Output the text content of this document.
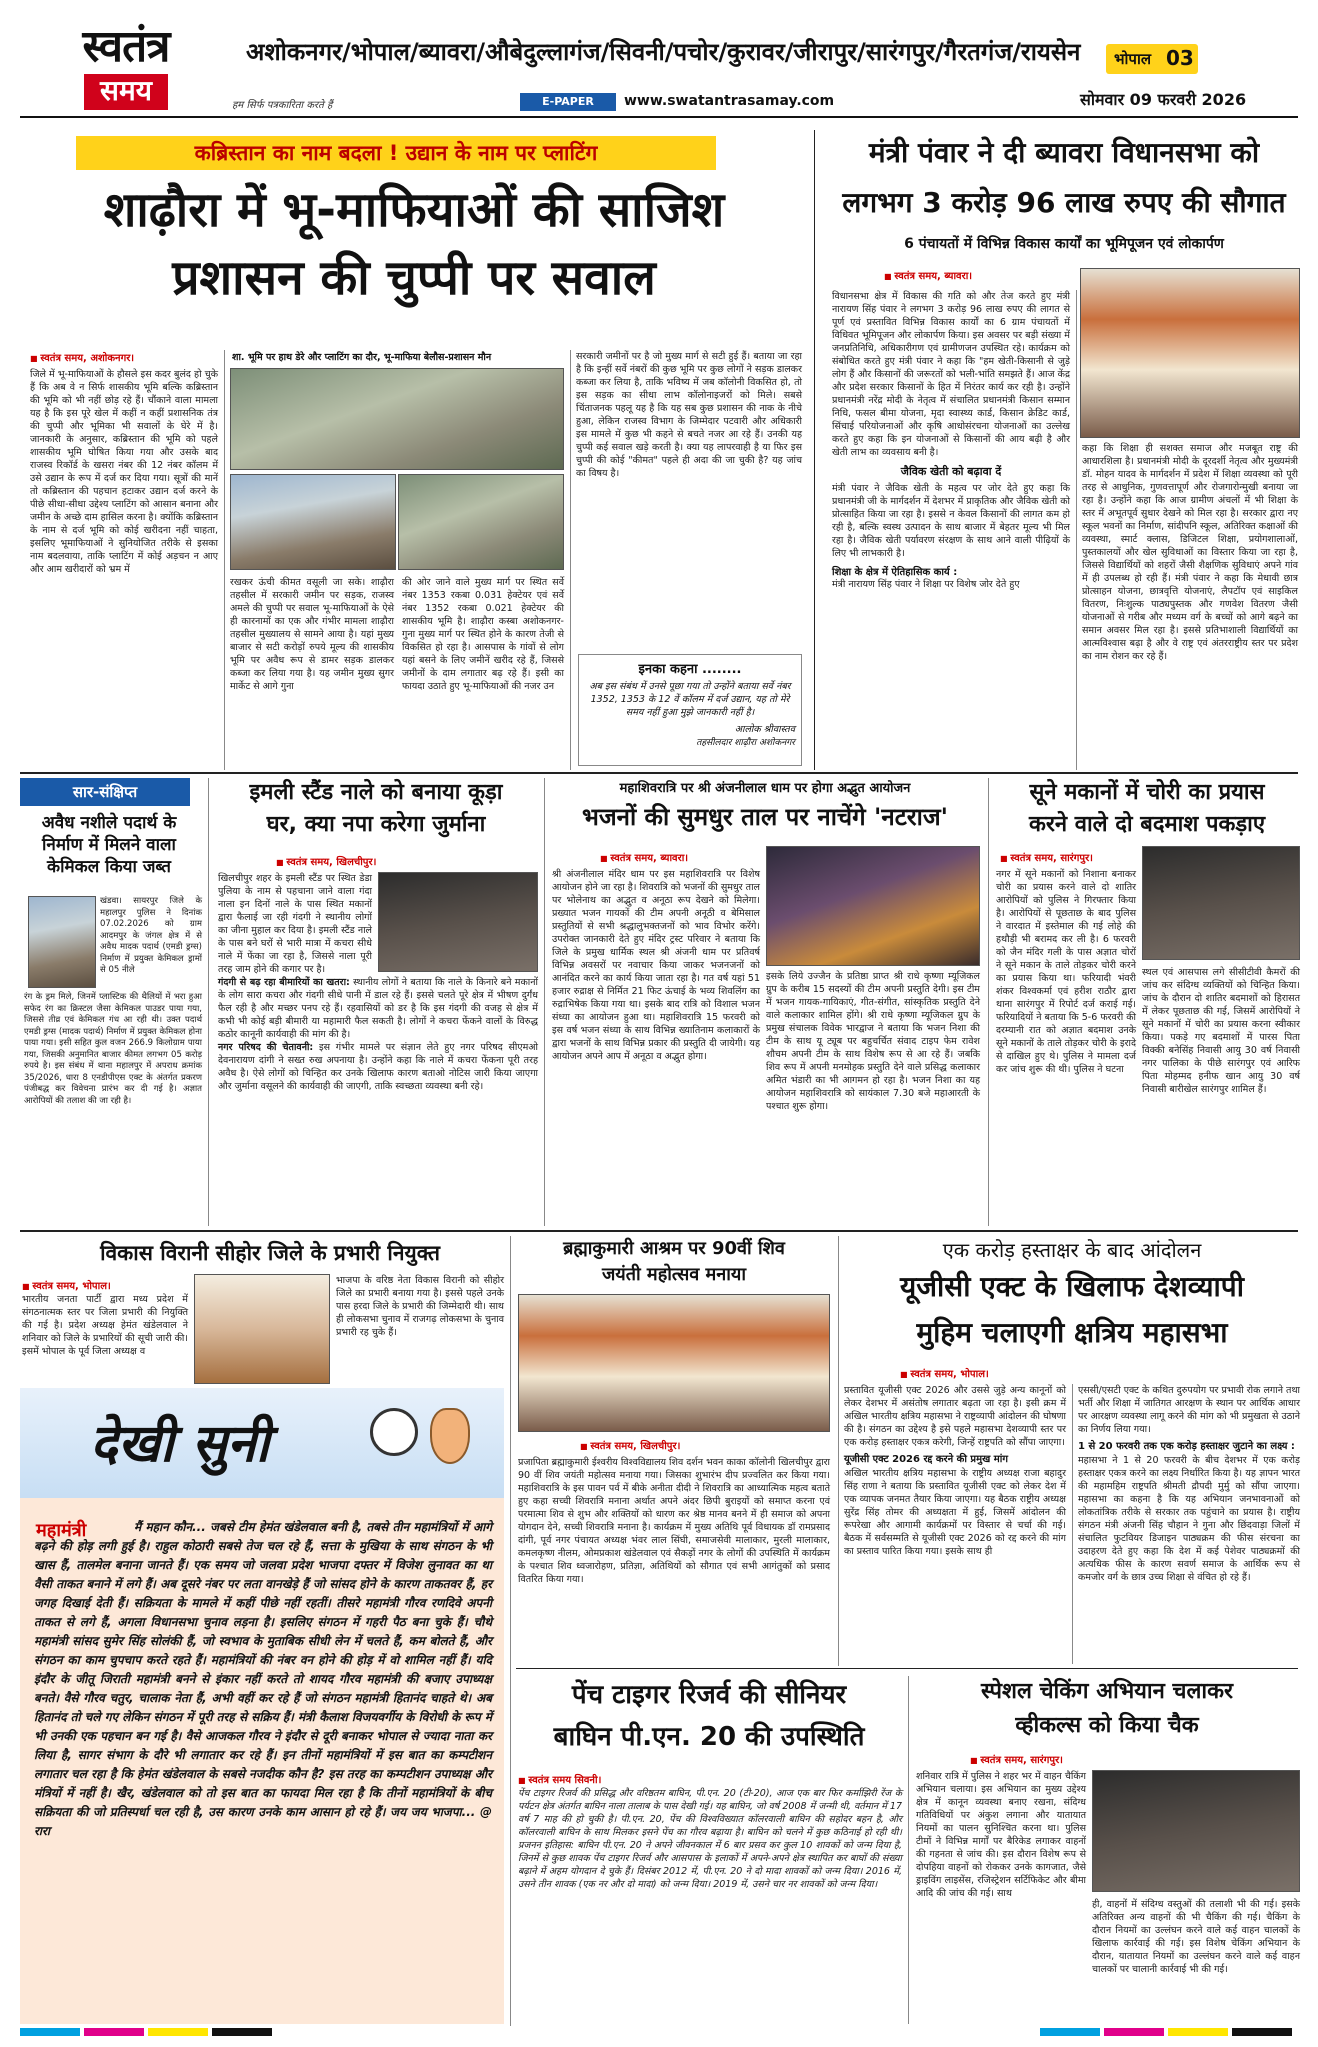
स्वतंत्र
समय
अशोकनगर/भोपाल/ब्यावरा/औबेदुल्लागंज/सिवनी/पचोर/कुरावर/जीरापुर/सारंगपुर/गैरतगंज/रायसेन	भोपाल 03
हम सिर्फ पत्रकारिता करते हैं	E-PAPER	www.swatantrasamay.com	सोमवार 09 फरवरी 2026
कब्रिस्तान का नाम बदला ! उद्यान के नाम पर प्लाटिंग
शाढ़ौरा में भू-माफियाओं की साजिश
प्रशासन की चुप्पी पर सवाल
■ स्वतंत्र समय, अशोकनगर।
जिले में भू-माफियाओं के हौसले इस कदर बुलंद हो चुके हैं कि अब वे न सिर्फ शासकीय भूमि बल्कि कब्रिस्तान की भूमि को भी नहीं छोड़ रहे हैं। चौंकाने वाला मामला यह है कि इस पूरे खेल में कहीं न कहीं प्रशासनिक तंत्र की चुप्पी और भूमिका भी सवालों के घेरे में है। जानकारी के अनुसार, कब्रिस्तान की भूमि को पहले शासकीय भूमि घोषित किया गया और उसके बाद राजस्व रिकॉर्ड के खसरा नंबर की 12 नंबर कॉलम में उसे उद्यान के रूप में दर्ज कर दिया गया। सूत्रों की मानें तो कब्रिस्तान की पहचान हटाकर उद्यान दर्ज करने के पीछे सीधा-सीधा उद्देश्य प्लाटिंग को आसान बनाना और जमीन के अच्छे दाम हासिल करना है। क्योंकि कब्रिस्तान के नाम से दर्ज भूमि को कोई खरीदना नहीं चाहता, इसलिए भूमाफियाओं ने सुनियोजित तरीके से इसका नाम बदलवाया, ताकि प्लाटिंग में कोई अड़चन न आए और आम खरीदारों को भ्रम में
शा. भूमि पर हाथ डेरे और प्लाटिंग का दौर, भू-माफिया बेलौस-प्रशासन मौन
रखकर ऊंची कीमत वसूली जा सके। शाढ़ौरा तहसील में सरकारी जमीन पर सड़क, राजस्व अमले की चुप्पी पर सवाल भू-माफियाओं के ऐसे ही कारनामों का एक और गंभीर मामला शाढ़ौरा तहसील मुख्यालय से सामने आया है। यहां मुख्य बाजार से सटी करोड़ों रुपये मूल्य की शासकीय भूमि पर अवैध रूप से डामर सड़क डालकर कब्जा कर लिया गया है। यह जमीन मुख्य सुगर मार्केट से आगे गुना
की ओर जाने वाले मुख्य मार्ग पर स्थित सर्वे नंबर 1353 रकबा 0.031 हेक्टेयर एवं सर्वे नंबर 1352 रकबा 0.021 हेक्टेयर की शासकीय भूमि है। शाढ़ौरा कस्बा अशोकनगर-गुना मुख्य मार्ग पर स्थित होने के कारण तेजी से विकसित हो रहा है। आसपास के गांवों से लोग यहां बसने के लिए जमीनें खरीद रहे हैं, जिससे जमीनों के दाम लगातार बढ़ रहे हैं। इसी का फायदा उठाते हुए भू-माफियाओं की नजर उन
सरकारी जमीनों पर है जो मुख्य मार्ग से सटी हुई हैं। बताया जा रहा है कि इन्हीं सर्वे नंबरों की कुछ भूमि पर कुछ लोगों ने सड़क डालकर कब्जा कर लिया है, ताकि भविष्य में जब कॉलोनी विकसित हो, तो इस सड़क का सीधा लाभ कॉलोनाइजरों को मिले। सबसे चिंताजनक पहलू यह है कि यह सब कुछ प्रशासन की नाक के नीचे हुआ, लेकिन राजस्व विभाग के जिम्मेदार पटवारी और अधिकारी इस मामले में कुछ भी कहने से बचते नजर आ रहे हैं। उनकी यह चुप्पी कई सवाल खड़े करती है। क्या यह लापरवाही है या फिर इस चुप्पी की कोई "कीमत" पहले ही अदा की जा चुकी है? यह जांच का विषय है।
इनका कहना ........
अब इस संबंध में उनसे पूछा गया तो उन्होंने बताया सर्वे नंबर 1352, 1353 के 12 वें कॉलम में दर्ज उद्यान, यह तो मेरे समय नहीं हुआ मुझे जानकारी नहीं है।
आलोक श्रीवास्तव
तहसीलदार शाढ़ौरा अशोकनगर
मंत्री पंवार ने दी ब्यावरा विधानसभा को
लगभग 3 करोड़ 96 लाख रुपए की सौगात
6 पंचायतों में विभिन्न विकास कार्यों का भूमिपूजन एवं लोकार्पण
■ स्वतंत्र समय, ब्यावरा।
विधानसभा क्षेत्र में विकास की गति को और तेज करते हुए मंत्री नारायण सिंह पंवार ने लगभग 3 करोड़ 96 लाख रुपए की लागत से पूर्ण एवं प्रस्तावित विभिन्न विकास कार्यों का 6 ग्राम पंचायतों में विधिवत भूमिपूजन और लोकार्पण किया। इस अवसर पर बड़ी संख्या में जनप्रतिनिधि, अधिकारीगण एवं ग्रामीणजन उपस्थित रहे। कार्यक्रम को संबोधित करते हुए मंत्री पंवार ने कहा कि "हम खेती-किसानी से जुड़े लोग हैं और किसानों की जरूरतों को भली-भांति समझते हैं। आज केंद्र और प्रदेश सरकार किसानों के हित में निरंतर कार्य कर रही है। उन्होंने प्रधानमंत्री नरेंद्र मोदी के नेतृत्व में संचालित प्रधानमंत्री किसान सम्मान निधि, फसल बीमा योजना, मृदा स्वास्थ्य कार्ड, किसान क्रेडिट कार्ड, सिंचाई परियोजनाओं और कृषि आधोसंरचना योजनाओं का उल्लेख करते हुए कहा कि इन योजनाओं से किसानों की आय बढ़ी है और खेती लाभ का व्यवसाय बनी है।
जैविक खेती को बढ़ावा दें
मंत्री पंवार ने जैविक खेती के महत्व पर जोर देते हुए कहा कि प्रधानमंत्री जी के मार्गदर्शन में देशभर में प्राकृतिक और जैविक खेती को प्रोत्साहित किया जा रहा है। इससे न केवल किसानों की लागत कम हो रही है, बल्कि स्वस्थ उत्पादन के साथ बाजार में बेहतर मूल्य भी मिल रहा है। जैविक खेती पर्यावरण संरक्षण के साथ आने वाली पीढ़ियों के लिए भी लाभकारी है।
शिक्षा के क्षेत्र में ऐतिहासिक कार्य :
मंत्री नारायण सिंह पंवार ने शिक्षा पर विशेष जोर देते हुए
कहा कि शिक्षा ही सशक्त समाज और मजबूत राष्ट्र की आधारशिला है। प्रधानमंत्री मोदी के दूरदर्शी नेतृत्व और मुख्यमंत्री डॉ. मोहन यादव के मार्गदर्शन में प्रदेश में शिक्षा व्यवस्था को पूरी तरह से आधुनिक, गुणवत्तापूर्ण और रोजगारोन्मुखी बनाया जा रहा है। उन्होंने कहा कि आज ग्रामीण अंचलों में भी शिक्षा के स्तर में अभूतपूर्व सुधार देखने को मिल रहा है। सरकार द्वारा नए स्कूल भवनों का निर्माण, सांदीपनि स्कूल, अतिरिक्त कक्षाओं की व्यवस्था, स्मार्ट क्लास, डिजिटल शिक्षा, प्रयोगशालाओं, पुस्तकालयों और खेल सुविधाओं का विस्तार किया जा रहा है, जिससे विद्यार्थियों को शहरों जैसी शैक्षणिक सुविधाएं अपने गांव में ही उपलब्ध हो रही हैं। मंत्री पंवार ने कहा कि मेधावी छात्र प्रोत्साहन योजना, छात्रवृत्ति योजनाएं, लैपटॉप एवं साइकिल वितरण, निःशुल्क पाठ्यपुस्तक और गणवेश वितरण जैसी योजनाओं से गरीब और मध्यम वर्ग के बच्चों को आगे बढ़ने का समान अवसर मिल रहा है। इससे प्रतिभाशाली विद्यार्थियों का आत्मविश्वास बढ़ा है और वे राष्ट्र एवं अंतरराष्ट्रीय स्तर पर प्रदेश का नाम रोशन कर रहे हैं।
सार-संक्षिप्त
अवैध नशीले पदार्थ के निर्माण में मिलने वाला केमिकल किया जब्त
खंडवा। सायरपुर जिले के महालपुर पुलिस ने दिनांक 07.02.2026 को ग्राम आदमपुर के जंगल क्षेत्र में से अवैध मादक पदार्थ (एमडी ड्रग्स) निर्माण में प्रयुक्त केमिकल ड्रामों से 05 नीले
रंग के ड्रम मिले, जिनमें प्लास्टिक की थैलियों में भरा हुआ सफेद रंग का क्रिस्टल जैसा केमिकल पाउडर पाया गया, जिससे तीव्र एवं केमिकल गंध आ रही थी। उक्त पदार्थ एमडी ड्रग्स (मादक पदार्थ) निर्माण में प्रयुक्त केमिकल होना पाया गया। इसी सहित कुल वजन 266.9 किलोग्राम पाया गया, जिसकी अनुमानित बाजार कीमत लगभग 05 करोड़ रुपये है। इस संबंध में थाना महालपुर में अपराध क्रमांक 35/2026, धारा 8 एनडीपीएस एक्ट के अंतर्गत प्रकरण पंजीबद्ध कर विवेचना प्रारंभ कर दी गई है। अज्ञात आरोपियों की तलाश की जा रही है।
इमली स्टैंड नाले को बनाया कूड़ा
घर, क्या नपा करेगा जुर्माना
■ स्वतंत्र समय, खिलचीपुर।
खिलचीपुर शहर के इमली स्टैंड पर स्थित डेडा पुलिया के नाम से पहचाना जाने वाला गंदा नाला इन दिनों नाले के पास स्थित मकानों द्वारा फैलाई जा रही गंदगी ने स्थानीय लोगों का जीना मुहाल कर दिया है। इमली स्टैंड नाले के पास बने घरों से भारी मात्रा में कचरा सीधे नाले में फेंका जा रहा है, जिससे नाला पूरी तरह जाम होने की कगार पर है।
गंदगी से बढ़ रहा बीमारियों का खतरा: स्थानीय लोगों ने बताया कि नाले के किनारे बने मकानों के लोग सारा कचरा और गंदगी सीधे पानी में डाल रहे हैं। इससे चलते पूरे क्षेत्र में भीषण दुर्गंध फैल रही है और मच्छर पनप रहे हैं। रहवासियों को डर है कि इस गंदगी की वजह से क्षेत्र में कभी भी कोई बड़ी बीमारी या महामारी फैल सकती है। लोगों ने कचरा फेंकने वालों के विरुद्ध कठोर कानूनी कार्यवाही की मांग की है।
नगर परिषद की चेतावनी: इस गंभीर मामले पर संज्ञान लेते हुए नगर परिषद सीएमओ देवनारायण दांगी ने सख्त रुख अपनाया है। उन्होंने कहा कि नाले में कचरा फेंकना पूरी तरह अवैध है। ऐसे लोगों को चिन्हित कर उनके खिलाफ कारण बताओ नोटिस जारी किया जाएगा और जुर्माना वसूलने की कार्यवाही की जाएगी, ताकि स्वच्छता व्यवस्था बनी रहे।
महाशिवरात्रि पर श्री अंजनीलाल धाम पर होगा अद्भुत आयोजन
भजनों की सुमधुर ताल पर नाचेंगे 'नटराज'
■ स्वतंत्र समय, ब्यावरा।
श्री अंजनीलाल मंदिर धाम पर इस महाशिवरात्रि पर विशेष आयोजन होने जा रहा है। शिवरात्रि को भजनों की सुमधुर ताल पर भोलेनाथ का अद्भुत व अनूठा रूप देखने को मिलेगा। प्रख्यात भजन गायकों की टीम अपनी अनूठी व बेमिसाल प्रस्तुतियों से सभी श्रद्धालुभक्तजनों को भाव विभोर करेंगे। उपरोक्त जानकारी देते हुए मंदिर ट्रस्ट परिवार ने बताया कि जिले के प्रमुख धार्मिक स्थल श्री अंजनी धाम पर प्रतिवर्ष विभिन्न अवसरों पर नवाचार किया जाकर भजनजनों को आनंदित करने का कार्य किया जाता रहा है। गत वर्ष यहां 51 हजार रुद्राक्ष से निर्मित 21 फिट ऊंचाई के भव्य शिवलिंग का रुद्राभिषेक किया गया था। इसके बाद रात्रि को विशाल भजन संध्या का आयोजन हुआ था। महाशिवरात्रि 15 फरवरी को इस वर्ष भजन संध्या के साथ विभिन्न ख्यातिनाम कलाकारों के द्वारा भजनों के साथ विभिन्न प्रकार की प्रस्तुति दी जायेगी। यह आयोजन अपने आप में अनूठा व अद्भुत होगा।
इसके लिये उज्जैन के प्रतिष्ठा प्राप्त श्री राधे कृष्णा म्यूजिकल ग्रुप के करीब 15 सदस्यों की टीम अपनी प्रस्तुति देगी। इस टीम में भजन गायक-गायिकाएं, गीत-संगीत, सांस्कृतिक प्रस्तुति देने वाले कलाकार शामिल होंगे। श्री राधे कृष्णा म्यूजिकल ग्रुप के प्रमुख संचालक विवेक भारद्वाज ने बताया कि भजन निशा की टीम के साथ यू ट्यूब पर बहुचर्चित संवाद टाइप फेम रावेश शौचम अपनी टीम के साथ विशेष रूप से आ रहे हैं। जबकि शिव रूप में अपनी मनमोहक प्रस्तुति देने वाले प्रसिद्ध कलाकार अमित भंडारी का भी आगमन हो रहा है। भजन निशा का यह आयोजन महाशिवरात्रि को सायंकाल 7.30 बजे महाआरती के पश्चात शुरू होगा।
सूने मकानों में चोरी का प्रयास
करने वाले दो बदमाश पकड़ाए
■ स्वतंत्र समय, सारंगपुर।
नगर में सूने मकानों को निशाना बनाकर चोरी का प्रयास करने वाले दो शातिर आरोपियों को पुलिस ने गिरफ्तार किया है। आरोपियों से पूछताछ के बाद पुलिस ने वारदात में इस्तेमाल की गई लोहे की हथौड़ी भी बरामद कर ली है। 6 फरवरी को जैन मंदिर गली के पास अज्ञात चोरों ने सूने मकान के ताले तोड़कर चोरी करने का प्रयास किया था। फरियादी भंवरी शंकर विश्वकर्मा एवं हरीश राठौर द्वारा थाना सारंगपुर में रिपोर्ट दर्ज कराई गई। फरियादियों ने बताया कि 5-6 फरवरी की दरम्यानी रात को अज्ञात बदमाश उनके सूने मकानों के ताले तोड़कर चोरी के इरादे से दाखिल हुए थे। पुलिस ने मामला दर्ज कर जांच शुरू की थी। पुलिस ने घटना
स्थल एवं आसपास लगे सीसीटीवी कैमरों की जांच कर संदिग्ध व्यक्तियों को चिन्हित किया। जांच के दौरान दो शातिर बदमाशों को हिरासत में लेकर पूछताछ की गई, जिसमें आरोपियों ने सूने मकानों में चोरी का प्रयास करना स्वीकार किया। पकड़े गए बदमाशों में पारस पिता विक्की बनेसिंह निवासी आयु 30 वर्ष निवासी नगर पालिका के पीछे सारंगपुर एवं आरिफ पिता मोहम्मद हनीफ खान आयु 30 वर्ष निवासी बारीखेल सारंगपुर शामिल हैं।
विकास विरानी सीहोर जिले के प्रभारी नियुक्त
■ स्वतंत्र समय, भोपाल।
भारतीय जनता पार्टी द्वारा मध्य प्रदेश में संगठनात्मक स्तर पर जिला प्रभारी की नियुक्ति की गई है। प्रदेश अध्यक्ष हेमंत खंडेलवाल ने शनिवार को जिले के प्रभारियों की सूची जारी की। इसमें भोपाल के पूर्व जिला अध्यक्ष व
भाजपा के वरिष्ठ नेता विकास विरानी को सीहोर जिले का प्रभारी बनाया गया है। इससे पहले उनके पास हरदा जिले के प्रभारी की जिम्मेदारी थी। साथ ही लोकसभा चुनाव में राजगढ़ लोकसभा के चुनाव प्रभारी रह चुके हैं।
देखी सुनी
महामंत्री	मैं महान कौन... जबसे टीम हेमंत खंडेलवाल बनी है, तबसे तीन महामंत्रियों में आगे बढ़ने की होड़ लगी हुई है। राहुल कोठारी सबसे तेज चल रहे हैं, सत्ता के मुखिया के साथ संगठन के भी खास हैं, तालमेल बनाना जानते हैं। एक समय जो जलवा प्रदेश भाजपा दफ्तर में विजेश लुनावत का था वैसी ताकत बनाने में लगे हैं। अब दूसरे नंबर पर लता वानखेड़े हैं जो सांसद होने के कारण ताकतवर हैं, हर जगह दिखाई देती हैं। सक्रियता के मामले में कहीं पीछे नहीं रहतीं। तीसरे महामंत्री गौरव रणदिवे अपनी ताकत से लगे हैं, अगला विधानसभा चुनाव लड़ना है। इसलिए संगठन में गहरी पैठ बना चुके हैं। चौथे महामंत्री सांसद सुमेर सिंह सोलंकी हैं, जो स्वभाव के मुताबिक सीधी लेन में चलते हैं, कम बोलते हैं, और संगठन का काम चुपचाप करते रहते हैं। महामंत्रियों की नंबर वन होने की होड़ में वो शामिल नहीं हैं। यदि इंदौर के जीतू जिराती महामंत्री बनने से इंकार नहीं करते तो शायद गौरव महामंत्री की बजाए उपाध्यक्ष बनते। वैसे गौरव चतुर, चालाक नेता हैं, अभी वहीं कर रहे हैं जो संगठन महामंत्री हितानंद चाहते थे। अब हितानंद तो चले गए लेकिन संगठन में पूरी तरह से सक्रिय हैं। मंत्री कैलाश विजयवर्गीय के विरोधी के रूप में भी उनकी एक पहचान बन गई है। वैसे आजकल गौरव ने इंदौर से दूरी बनाकर भोपाल से ज्यादा नाता कर लिया है, सागर संभाग के दौरे भी लगातार कर रहे हैं। इन तीनों महामंत्रियों में इस बात का कम्पटीशन लगातार चल रहा है कि हेमंत खंडेलवाल के सबसे नजदीक कौन है? इस तरह का कम्पटीशन उपाध्यक्ष और मंत्रियों में नहीं है। खैर, खंडेलवाल को तो इस बात का फायदा मिल रहा है कि तीनों महामंत्रियों के बीच सक्रियता की जो प्रतिस्पर्धा चल रही है, उस कारण उनके काम आसान हो रहे हैं। जय जय भाजपा... @ रारा
ब्रह्माकुमारी आश्रम पर 90वीं शिव
जयंती महोत्सव मनाया
■ स्वतंत्र समय, खिलचीपुर।
प्रजापिता ब्रह्माकुमारी ईश्वरीय विश्वविद्यालय शिव दर्शन भवन काका कॉलोनी खिलचीपुर द्वारा 90 वीं शिव जयंती महोत्सव मनाया गया। जिसका शुभारंभ दीप प्रज्वलित कर किया गया।महाशिवरात्रि के इस पावन पर्व में बीके अनीता दीदी ने शिवरात्रि का आध्यात्मिक महत्व बताते हुए कहा सच्ची शिवरात्रि मनाना अर्थात अपने अंदर छिपी बुराइयों को समाप्त करना एवं परमात्मा शिव से शुभ और शक्तियों को धारण कर श्रेष्ठ मानव बनने में ही समाज को अपना योगदान देने, सच्ची शिवरात्रि मनाना है। कार्यक्रम में मुख्य अतिथि पूर्व विधायक डॉ रामप्रसाद दांगी, पूर्व नगर पंचायत अध्यक्ष भंवर लाल सिंघी, समाजसेवी मालाकार, मुरली मालाकार, कमलकृष्ण नीलम, ओमप्रकाश खंडेलवाल एवं सैकड़ों नगर के लोगों की उपस्थिति में कार्यक्रम के पश्चात शिव ध्वजारोहण, प्रतिज्ञा, अतिथियों को सौगात एवं सभी आगंतुकों को प्रसाद वितरित किया गया।
एक करोड़ हस्ताक्षर के बाद आंदोलन
यूजीसी एक्ट के खिलाफ देशव्यापी
मुहिम चलाएगी क्षत्रिय महासभा
■ स्वतंत्र समय, भोपाल।
प्रस्तावित यूजीसी एक्ट 2026 और उससे जुड़े अन्य कानूनों को लेकर देशभर में असंतोष लगातार बढ़ता जा रहा है। इसी क्रम में अखिल भारतीय क्षत्रिय महासभा ने राष्ट्रव्यापी आंदोलन की घोषणा की है। संगठन का उद्देश्य है इसे पहले महासभा देशव्यापी स्तर पर एक करोड़ हस्ताक्षर एकत्र करेगी, जिन्हें राष्ट्रपति को सौंपा जाएगा।
यूजीसी एक्ट 2026 रद्द करने की प्रमुख मांग
अखिल भारतीय क्षत्रिय महासभा के राष्ट्रीय अध्यक्ष राजा बहादुर सिंह राणा ने बताया कि प्रस्तावित यूजीसी एक्ट को लेकर देश में एक व्यापक जनमत तैयार किया जाएगा। यह बैठक राष्ट्रीय अध्यक्ष सुरेंद्र सिंह तोमर की अध्यक्षता में हुई, जिसमें आंदोलन की रूपरेखा और आगामी कार्यक्रमों पर विस्तार से चर्चा की गई। बैठक में सर्वसम्मति से यूजीसी एक्ट 2026 को रद्द करने की मांग का प्रस्ताव पारित किया गया। इसके साथ ही
एससी/एसटी एक्ट के कथित दुरुपयोग पर प्रभावी रोक लगाने तथा भर्ती और शिक्षा में जातिगत आरक्षण के स्थान पर आर्थिक आधार पर आरक्षण व्यवस्था लागू करने की मांग को भी प्रमुखता से उठाने का निर्णय लिया गया।
1 से 20 फरवरी तक एक करोड़ हस्ताक्षर जुटाने का लक्ष्य :
महासभा ने 1 से 20 फरवरी के बीच देशभर में एक करोड़ हस्ताक्षर एकत्र करने का लक्ष्य निर्धारित किया है। यह ज्ञापन भारत की महामहिम राष्ट्रपति श्रीमती द्रौपदी मुर्मु को सौंपा जाएगा। महासभा का कहना है कि यह अभियान जनभावनाओं को लोकतांत्रिक तरीके से सरकार तक पहुंचाने का प्रयास है। राष्ट्रीय संगठन मंत्री अंजनी सिंह चौहान ने गुना और छिंदवाड़ा जिलों में संचालित फुटवियर डिजाइन पाठ्यक्रम की फीस संरचना का उदाहरण देते हुए कहा कि देश में कई पेशेवर पाठ्यक्रमों की अत्यधिक फीस के कारण सवर्ण समाज के आर्थिक रूप से कमजोर वर्ग के छात्र उच्च शिक्षा से वंचित हो रहे हैं।
पेंच टाइगर रिजर्व की सीनियर
बाघिन पी.एन. 20 की उपस्थिति
■ स्वतंत्र समय सिवनी।
पेंच टाइगर रिजर्व की प्रसिद्ध और वरिष्ठतम बाघिन, पी.एन. 20 (टी-20), आज एक बार फिर कर्माझिरी रेंज के पर्यटन क्षेत्र अंतर्गत बाघिन नाला तालाब के पास देखी गई। यह बाघिन, जो वर्ष 2008 में जन्मी थी, वर्तमान में 17 वर्ष 7 माह की हो चुकी है। पी.एन. 20, पेंच की विश्वविख्यात कॉलरवाली बाघिन की सहोदर बहन है, और कॉलरवाली बाघिन के साथ मिलकर इसने पेंच का गौरव बढ़ाया है। बाघिन को चलने में कुछ कठिनाई हो रही थी। प्रजनन इतिहास: बाघिन पी.एन. 20 ने अपने जीवनकाल में 6 बार प्रसव कर कुल 10 शावकों को जन्म दिया है, जिनमें से कुछ शावक पेंच टाइगर रिजर्व और आसपास के इलाकों में अपने-अपने क्षेत्र स्थापित कर बाघों की संख्या बढ़ाने में अहम योगदान दे चुके हैं। दिसंबर 2012 में, पी.एन. 20 ने दो मादा शावकों को जन्म दिया। 2016 में, उसने तीन शावक (एक नर और दो मादा) को जन्म दिया। 2019 में, उसने चार नर शावकों को जन्म दिया।
स्पेशल चेकिंग अभियान चलाकर
व्हीकल्स को किया चैक
■ स्वतंत्र समय, सारंगपुर।
शनिवार रात्रि में पुलिस ने शहर भर में वाहन चैकिंग अभियान चलाया। इस अभियान का मुख्य उद्देश्य क्षेत्र में कानून व्यवस्था बनाए रखना, संदिग्ध गतिविधियों पर अंकुश लगाना और यातायात नियमों का पालन सुनिश्चित करना था। पुलिस टीमों ने विभिन्न मार्गों पर बैरिकेड लगाकर वाहनों की गहनता से जांच की। इस दौरान विशेष रूप से दोपहिया वाहनों को रोककर उनके कागजात, जैसे ड्राइविंग लाइसेंस, रजिस्ट्रेशन सर्टिफिकेट और बीमा आदि की जांच की गई। साथ
ही, वाहनों में संदिग्ध वस्तुओं की तलाशी भी की गई। इसके अतिरिक्त अन्य वाहनों की भी चैकिंग की गई। चैकिंग के दौरान नियमों का उल्लंघन करने वाले कई वाहन चालकों के खिलाफ कार्रवाई की गई। इस विशेष चेकिंग अभियान के दौरान, यातायात नियमों का उल्लंघन करने वाले कई वाहन चालकों पर चालानी कार्रवाई भी की गई।
